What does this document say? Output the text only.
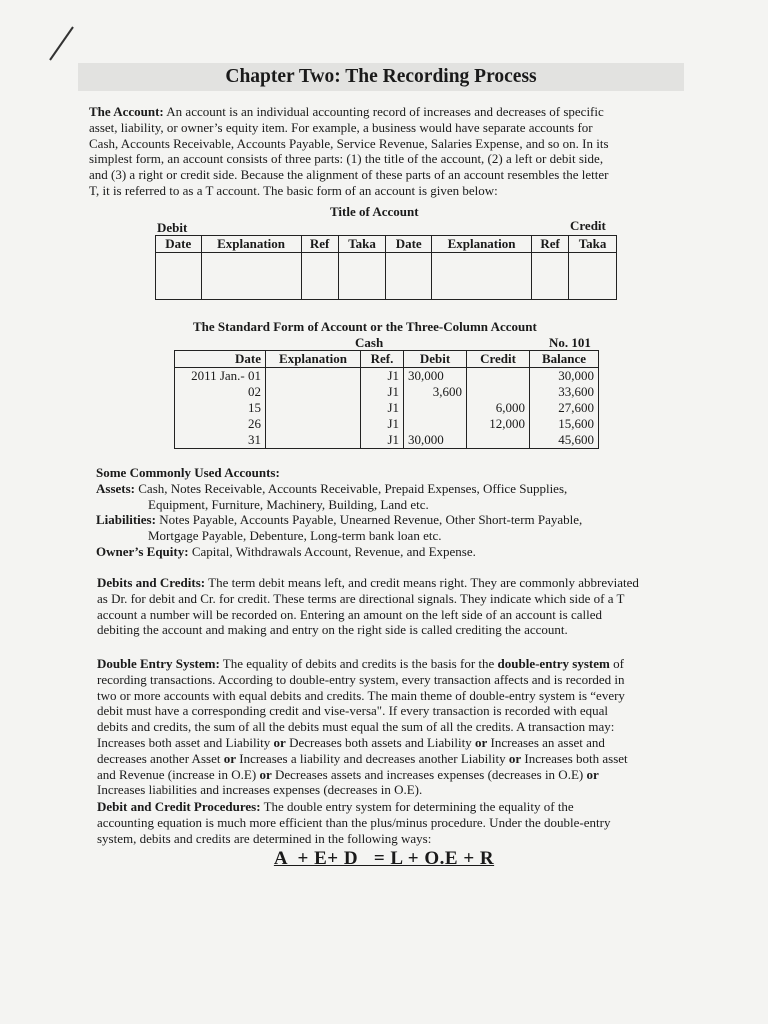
Chapter Two: The Recording Process
The Account: An account is an individual accounting record of increases and decreases of specific
asset, liability, or owner’s equity item. For example, a business would have separate accounts for
Cash, Accounts Receivable, Accounts Payable, Service Revenue, Salaries Expense, and so on. In its
simplest form, an account consists of three parts: (1) the title of the account, (2) a left or debit side,
and (3) a right or credit side. Because the alignment of these parts of an account resembles the letter
T, it is referred to as a T account. The basic form of an account is given below:
Title of Account
Debit	Credit
Date	Explanation	Ref	Taka	Date	Explanation	Ref	Taka

The Standard Form of Account or the Three-Column Account
Cash	No. 101
Date	Explanation	Ref.	Debit	Credit	Balance
2011 Jan.- 01		J1	30,000		30,000
02		J1	3,600		33,600
15		J1		6,000	27,600
26		J1		12,000	15,600
31		J1	30,000		45,600
Some Commonly Used Accounts:
Assets: Cash, Notes Receivable, Accounts Receivable, Prepaid Expenses, Office Supplies,
Equipment, Furniture, Machinery, Building, Land etc.
Liabilities: Notes Payable, Accounts Payable, Unearned Revenue, Other Short-term Payable,
Mortgage Payable, Debenture, Long-term bank loan etc.
Owner’s Equity: Capital, Withdrawals Account, Revenue, and Expense.
Debits and Credits: The term debit means left, and credit means right. They are commonly abbreviated
as Dr. for debit and Cr. for credit. These terms are directional signals. They indicate which side of a T
account a number will be recorded on. Entering an amount on the left side of an account is called
debiting the account and making and entry on the right side is called crediting the account.
Double Entry System: The equality of debits and credits is the basis for the double-entry system of
recording transactions. According to double-entry system, every transaction affects and is recorded in
two or more accounts with equal debits and credits. The main theme of double-entry system is “every
debit must have a corresponding credit and vise-versa". If every transaction is recorded with equal
debits and credits, the sum of all the debits must equal the sum of all the credits. A transaction may:
Increases both asset and Liability or Decreases both assets and Liability or Increases an asset and
decreases another Asset or Increases a liability and decreases another Liability or Increases both asset
and Revenue (increase in O.E) or Decreases assets and increases expenses (decreases in O.E) or
Increases liabilities and increases expenses (decreases in O.E).
Debit and Credit Procedures: The double entry system for determining the equality of the
accounting equation is much more efficient than the plus/minus procedure. Under the double-entry
system, debits and credits are determined in the following ways:
A  + E+ D   = L + O.E + R
